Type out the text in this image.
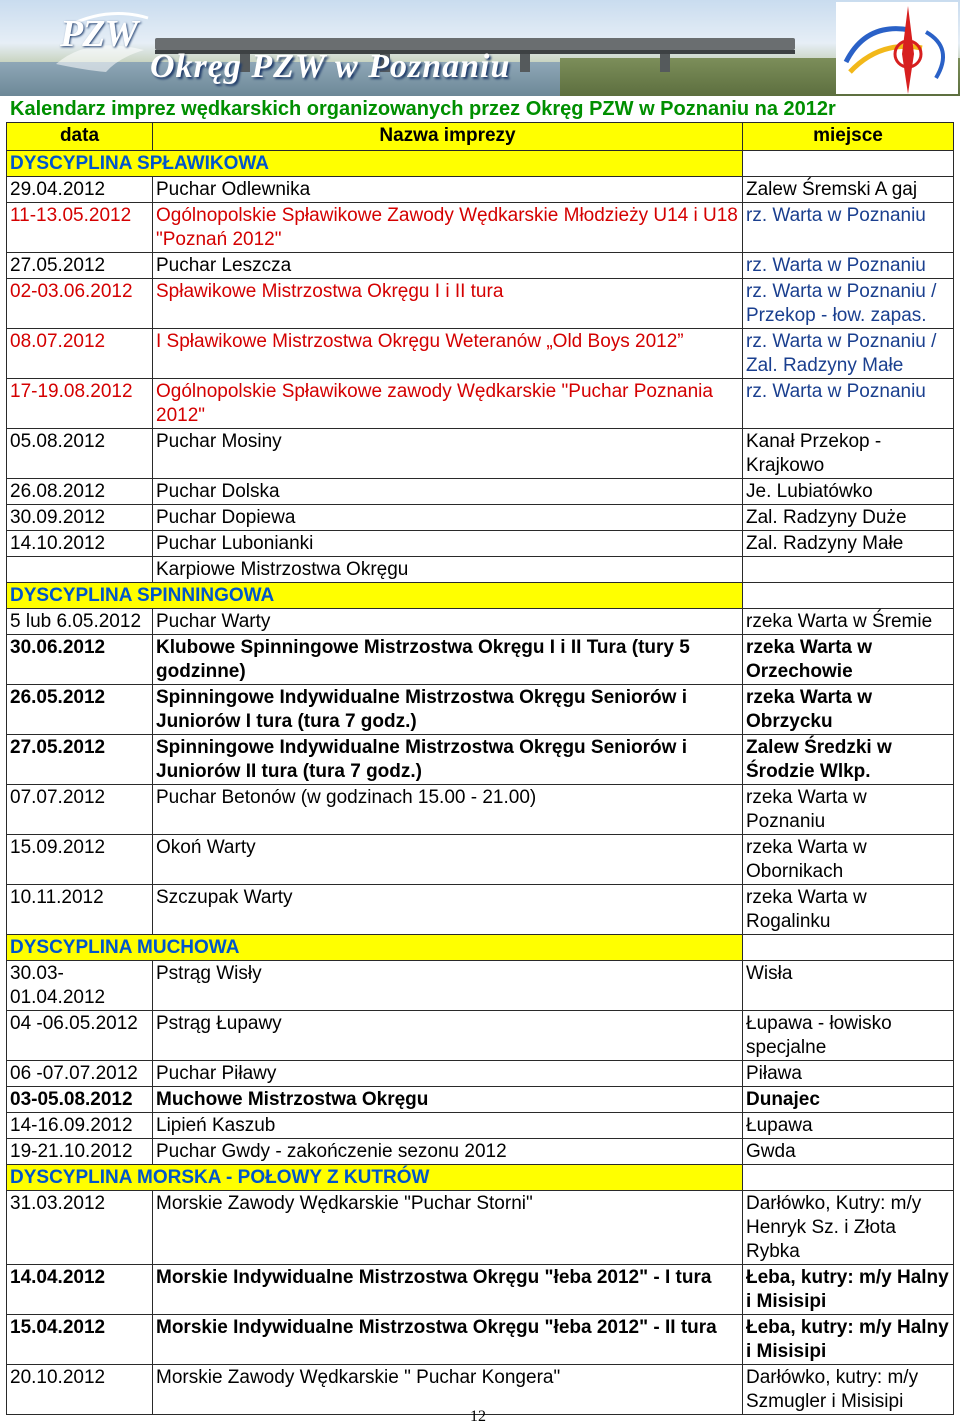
PZW
Okręg PZW w Poznaniu
Kalendarz imprez wędkarskich organizowanych przez Okręg PZW w Poznaniu na 2012r
data	Nazwa imprezy	miejsce
DYSCYPLINA SPŁAWIKOWA		
29.04.2012	Puchar Odlewnika	Zalew Śremski A gaj
11-13.05.2012	Ogólnopolskie Spławikowe Zawody Wędkarskie Młodzieży U14 i U18 "Poznań 2012"	rz. Warta w Poznaniu
27.05.2012	Puchar Leszcza	rz. Warta w Poznaniu
02-03.06.2012	Spławikowe Mistrzostwa Okręgu I i II tura	rz. Warta w Poznaniu / Przekop - łow. zapas.
08.07.2012	I Spławikowe Mistrzostwa Okręgu Weteranów „Old Boys 2012”	rz. Warta w Poznaniu / Zal. Radzyny Małe
17-19.08.2012	Ogólnopolskie Spławikowe zawody Wędkarskie "Puchar Poznania 2012"	rz. Warta w Poznaniu
05.08.2012	Puchar Mosiny	Kanał Przekop - Krajkowo
26.08.2012	Puchar Dolska	Je. Lubiatówko
30.09.2012	Puchar Dopiewa	Zal. Radzyny Duże
14.10.2012	Puchar Lubonianki	Zal. Radzyny Małe
	Karpiowe Mistrzostwa Okręgu	
DYSCYPLINA SPINNINGOWA		
5 lub 6.05.2012	Puchar Warty	rzeka Warta w Śremie
30.06.2012	Klubowe Spinningowe Mistrzostwa Okręgu I i II Tura (tury 5 godzinne)	rzeka Warta w Orzechowie
26.05.2012	Spinningowe Indywidualne Mistrzostwa Okręgu Seniorów i Juniorów I tura (tura 7 godz.)	rzeka Warta w Obrzycku
27.05.2012	Spinningowe Indywidualne Mistrzostwa Okręgu Seniorów i Juniorów II tura (tura 7 godz.)	Zalew Średzki w Środzie Wlkp.
07.07.2012	Puchar Betonów (w godzinach 15.00 - 21.00)	rzeka Warta w Poznaniu
15.09.2012	Okoń Warty	rzeka Warta w Obornikach
10.11.2012	Szczupak Warty	rzeka Warta w Rogalinku
DYSCYPLINA MUCHOWA		
30.03-01.04.2012	Pstrąg Wisły	Wisła
04 -06.05.2012	Pstrąg Łupawy	Łupawa - łowisko specjalne
06 -07.07.2012	Puchar Piławy	Piława
03-05.08.2012	Muchowe Mistrzostwa Okręgu	Dunajec
14-16.09.2012	Lipień Kaszub	Łupawa
19-21.10.2012	Puchar Gwdy - zakończenie sezonu 2012	Gwda
DYSCYPLINA MORSKA - POŁOWY Z KUTRÓW		
31.03.2012	Morskie Zawody Wędkarskie "Puchar Storni"	Darłówko, Kutry: m/y Henryk Sz. i Złota Rybka
14.04.2012	Morskie Indywidualne Mistrzostwa Okręgu "łeba 2012" - I tura	Łeba, kutry: m/y Halny i Misisipi
15.04.2012	Morskie Indywidualne Mistrzostwa Okręgu "łeba 2012" - II tura	Łeba, kutry: m/y Halny i Misisipi
20.10.2012	Morskie Zawody Wędkarskie " Puchar Kongera"	Darłówko, kutry: m/y Szmugler i Misisipi
12
